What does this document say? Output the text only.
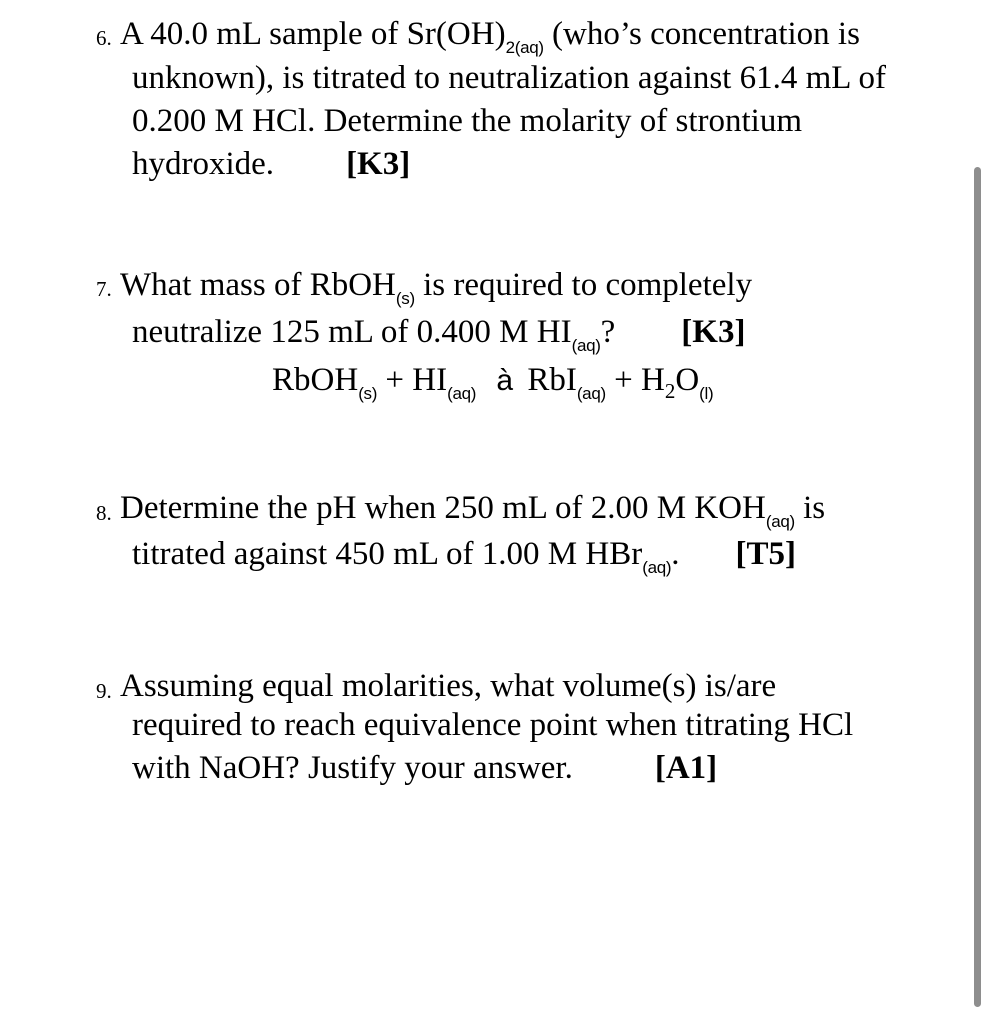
6. A 40.0 mL sample of $Sr(OH)_{2(aq)}$ (who’s concentration is
unknown), is titrated to neutralization against 61.4 mL of
0.200 M HCl. Determine the molarity of strontium
hydroxide. [K3]
7. What mass of RbOH$_{(s)}$ is required to completely
neutralize 125 mL of 0.400 M $HI_{(aq)}$? [K3]
RbOH$_{(s)}$ + $HI_{(aq)}$ à $RbI_{(aq)} + H_2O_{(l)}$
8. Determine the pH when 250 mL of 2.00 M $KOH_{(aq)}$ is
titrated against 450 mL of 1.00 M HBr$_{(aq)}$. [T5]
9. Assuming equal molarities, what volume(s) is/are
required to reach equivalence point when titrating HCl
with NaOH? Justify your answer. [A1]
